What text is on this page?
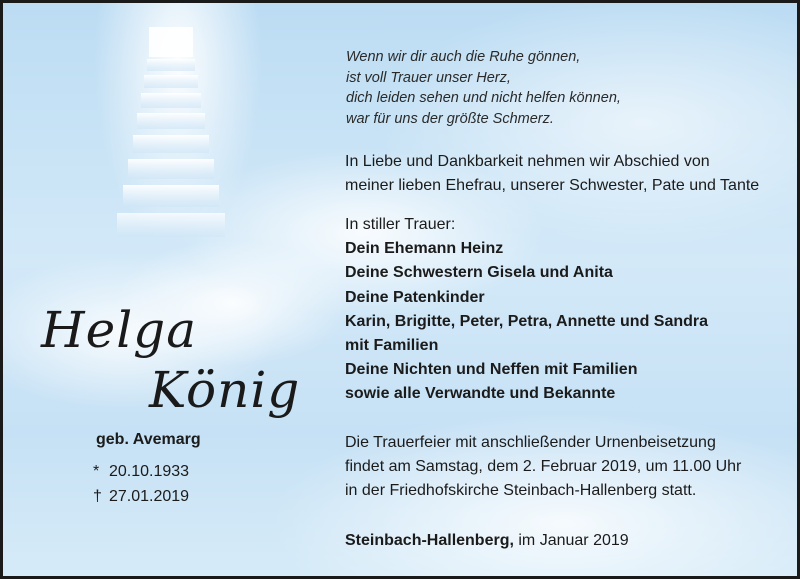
Wenn wir dir auch die Ruhe gönnen,
ist voll Trauer unser Herz,
dich leiden sehen und nicht helfen können,
war für uns der größte Schmerz.
In Liebe und Dankbarkeit nehmen wir Abschied von
meiner lieben Ehefrau, unserer Schwester, Pate und Tante
In stiller Trauer:
Dein Ehemann Heinz
Deine Schwestern Gisela und Anita
Deine Patenkinder
Karin, Brigitte, Peter, Petra, Annette und Sandra
mit Familien
Deine Nichten und Neffen mit Familien
sowie alle Verwandte und Bekannte
Die Trauerfeier mit anschließender Urnenbeisetzung
findet am Samstag, dem 2. Februar 2019, um 11.00 Uhr
in der Friedhofskirche Steinbach-Hallenberg statt.
Steinbach-Hallenberg, im Januar 2019
Helga
König
geb. Avemarg
* 20.10.1933
† 27.01.2019
